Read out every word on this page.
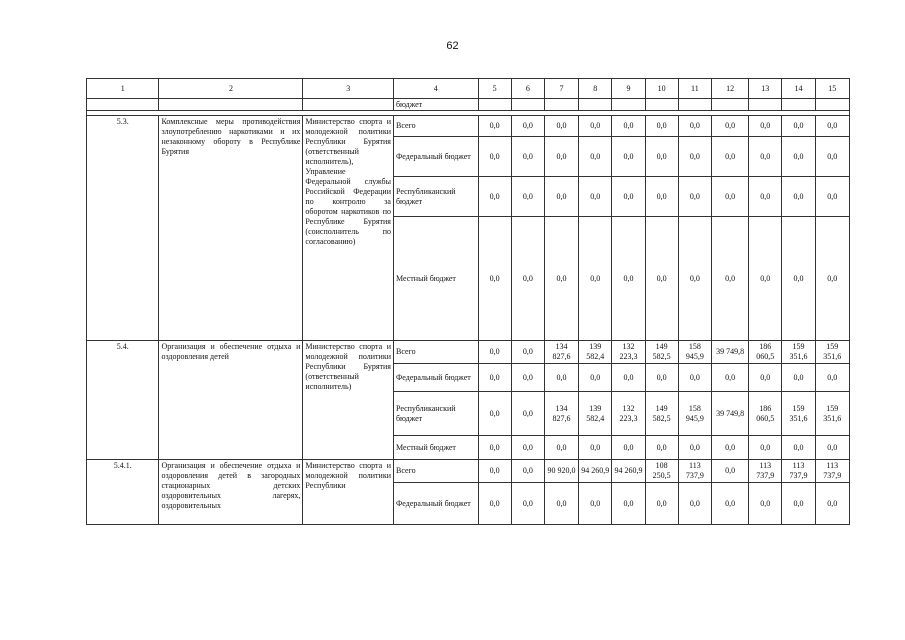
62
1	2	3	4	5	6	7	8	9	10	11	12	13	14	15
			бюджет											

5.3.	Комплексные меры противодействия злоупотреблению наркотиками и их незаконному обороту в Республике Бурятия	Министерство спорта и молодежной политики Республики Бурятия (ответственный исполнитель), Управление Федеральной службы Российской Федерации по контролю за оборотом наркотиков по Республике Бурятия (соисполнитель по согласованию)	Всего	0,0	0,0	0,0	0,0	0,0	0,0	0,0	0,0	0,0	0,0	0,0
			Федеральный бюджет	0,0	0,0	0,0	0,0	0,0	0,0	0,0	0,0	0,0	0,0	0,0
			Республиканский бюджет	0,0	0,0	0,0	0,0	0,0	0,0	0,0	0,0	0,0	0,0	0,0
			Местный бюджет	0,0	0,0	0,0	0,0	0,0	0,0	0,0	0,0	0,0	0,0	0,0
5.4.	Организация и обеспечение отдыха и оздоровления детей	Министерство спорта и молодежной политики Республики Бурятия (ответственный исполнитель)	Всего	0,0	0,0	134 827,6	139 582,4	132 223,3	149 582,5	158 945,9	39 749,8	186 060,5	159 351,6	159 351,6
			Федеральный бюджет	0,0	0,0	0,0	0,0	0,0	0,0	0,0	0,0	0,0	0,0	0,0
			Республиканский бюджет	0,0	0,0	134 827,6	139 582,4	132 223,3	149 582,5	158 945,9	39 749,8	186 060,5	159 351,6	159 351,6
			Местный бюджет	0,0	0,0	0,0	0,0	0,0	0,0	0,0	0,0	0,0	0,0	0,0
5.4.1.	Организация и обеспечение отдыха и оздоровления детей в загородных стационарных детских оздоровительных лагерях, оздоровительных	Министерство спорта и молодежной политики Республики	Всего	0,0	0,0	90 920,0	94 260,9	94 260,9	108 250,5	113 737,9	0,0	113 737,9	113 737,9	113 737,9
			Федеральный бюджет	0,0	0,0	0,0	0,0	0,0	0,0	0,0	0,0	0,0	0,0	0,0
